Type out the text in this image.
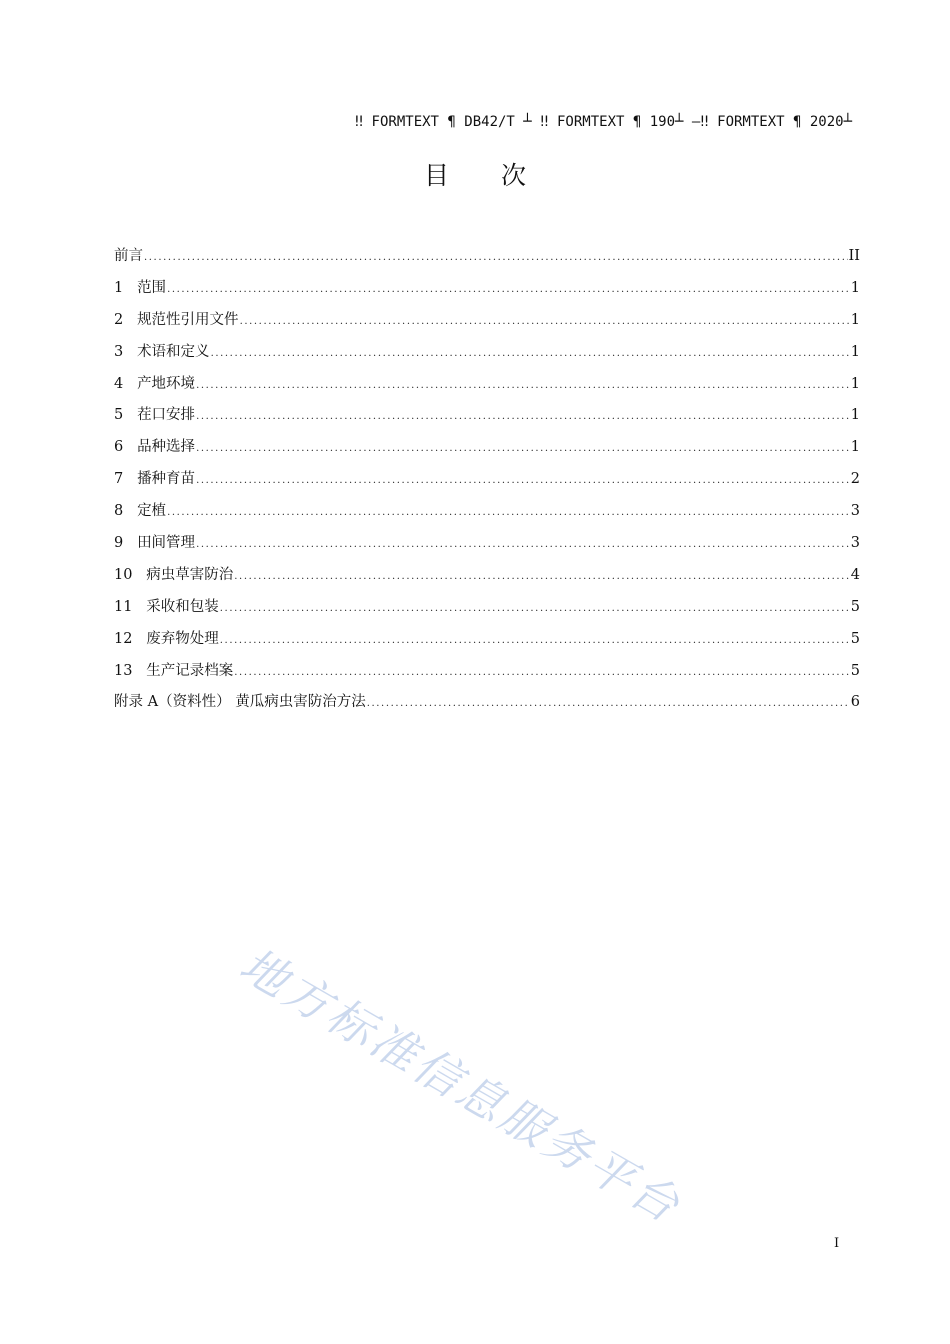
‼ FORMTEXT ¶ DB42/T ┴ ‼ FORMTEXT ¶ 190┴ —‼ FORMTEXT ¶ 2020┴
目次
前言 .....	II
1 范围 .....	1
2 规范性引用文件 .....	1
3 术语和定义 .....	1
4 产地环境 .....	1
5 茬口安排 .....	1
6 品种选择 .....	1
7 播种育苗 .....	2
8 定植 .....	3
9 田间管理 .....	3
10 病虫草害防治 .....	4
11 采收和包装 .....	5
12 废弃物处理 .....	5
13 生产记录档案 .....	5
附录 A（资料性） 黄瓜病虫害防治方法 .....	6
地方标准信息服务平台
I
